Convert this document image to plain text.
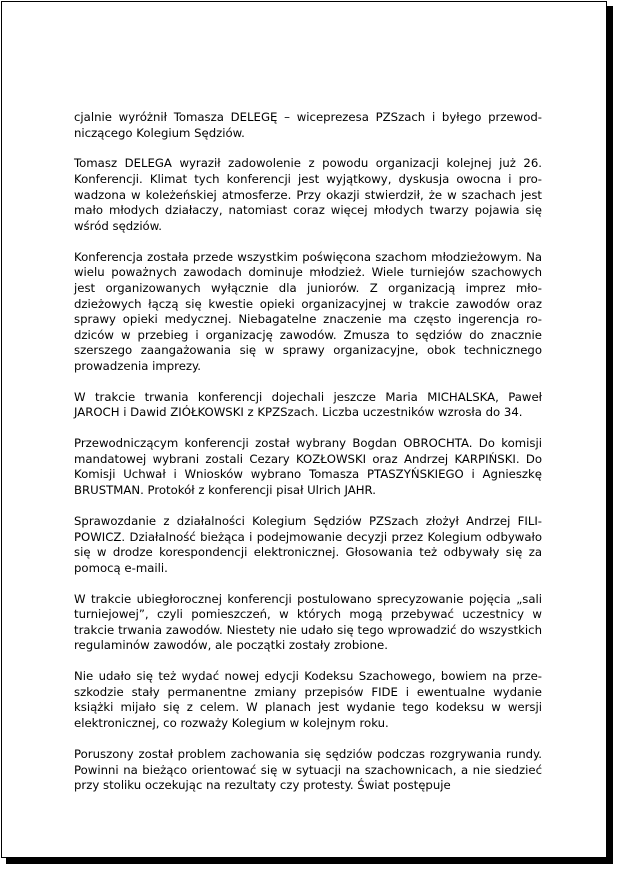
cjalnie wyróżnił Tomasza DELEGĘ – wiceprezesa PZSzach i byłego przewodniczącego Kolegium Sędziów.

Tomasz DELEGA wyraził zadowolenie z powodu organizacji kolejnej już 26. Konferencji. Klimat tych konferencji jest wyjątkowy, dyskusja owocna i prowadzona w koleżeńskiej atmosferze. Przy okazji stwierdził, że w szachach jest mało młodych działaczy, natomiast coraz więcej młodych twarzy pojawia się wśród sędziów.

Konferencja została przede wszystkim poświęcona szachom młodzieżowym. Na wielu poważnych zawodach dominuje młodzież. Wiele turniejów szachowych jest organizowanych wyłącznie dla juniorów. Z organizacją imprez młodzieżowych łączą się kwestie opieki organizacyjnej w trakcie zawodów oraz sprawy opieki medycznej. Niebagatelne znaczenie ma często ingerencja rodziców w przebieg i organizację zawodów. Zmusza to sędziów do znacznie szerszego zaangażowania się w sprawy organizacyjne, obok technicznego prowadzenia imprezy.

W trakcie trwania konferencji dojechali jeszcze Maria MICHALSKA, Paweł JAROCH i Dawid ZIÓŁKOWSKI z KPZSzach. Liczba uczestników wzrosła do 34.

Przewodniczącym konferencji został wybrany Bogdan OBROCHTA. Do komisji mandatowej wybrani zostali Cezary KOZŁOWSKI oraz Andrzej KARPIŃSKI. Do Komisji Uchwał i Wniosków wybrano Tomasza PTASZYŃSKIEGO i Agnieszkę BRUSTMAN. Protokół z konferencji pisał Ulrich JAHR.

Sprawozdanie z działalności Kolegium Sędziów PZSzach złożył Andrzej FILIPOWICZ. Działalność bieżąca i podejmowanie decyzji przez Kolegium odbywało się w drodze korespondencji elektronicznej. Głosowania też odbywały się za pomocą e-maili.

W trakcie ubiegłorocznej konferencji postulowano sprecyzowanie pojęcia „sali turniejowej”, czyli pomieszczeń, w których mogą przebywać uczestnicy w trakcie trwania zawodów. Niestety nie udało się tego wprowadzić do wszystkich regulaminów zawodów, ale początki zostały zrobione.

Nie udało się też wydać nowej edycji Kodeksu Szachowego, bowiem na przeszkodzie stały permanentne zmiany przepisów FIDE i ewentualne wydanie książki mijało się z celem. W planach jest wydanie tego kodeksu w wersji elektronicznej, co rozważy Kolegium w kolejnym roku.

Poruszony został problem zachowania się sędziów podczas rozgrywania rundy. Powinni na bieżąco orientować się w sytuacji na szachownicach, a nie siedzieć przy stoliku oczekując na rezultaty czy protesty. Świat postępuje
